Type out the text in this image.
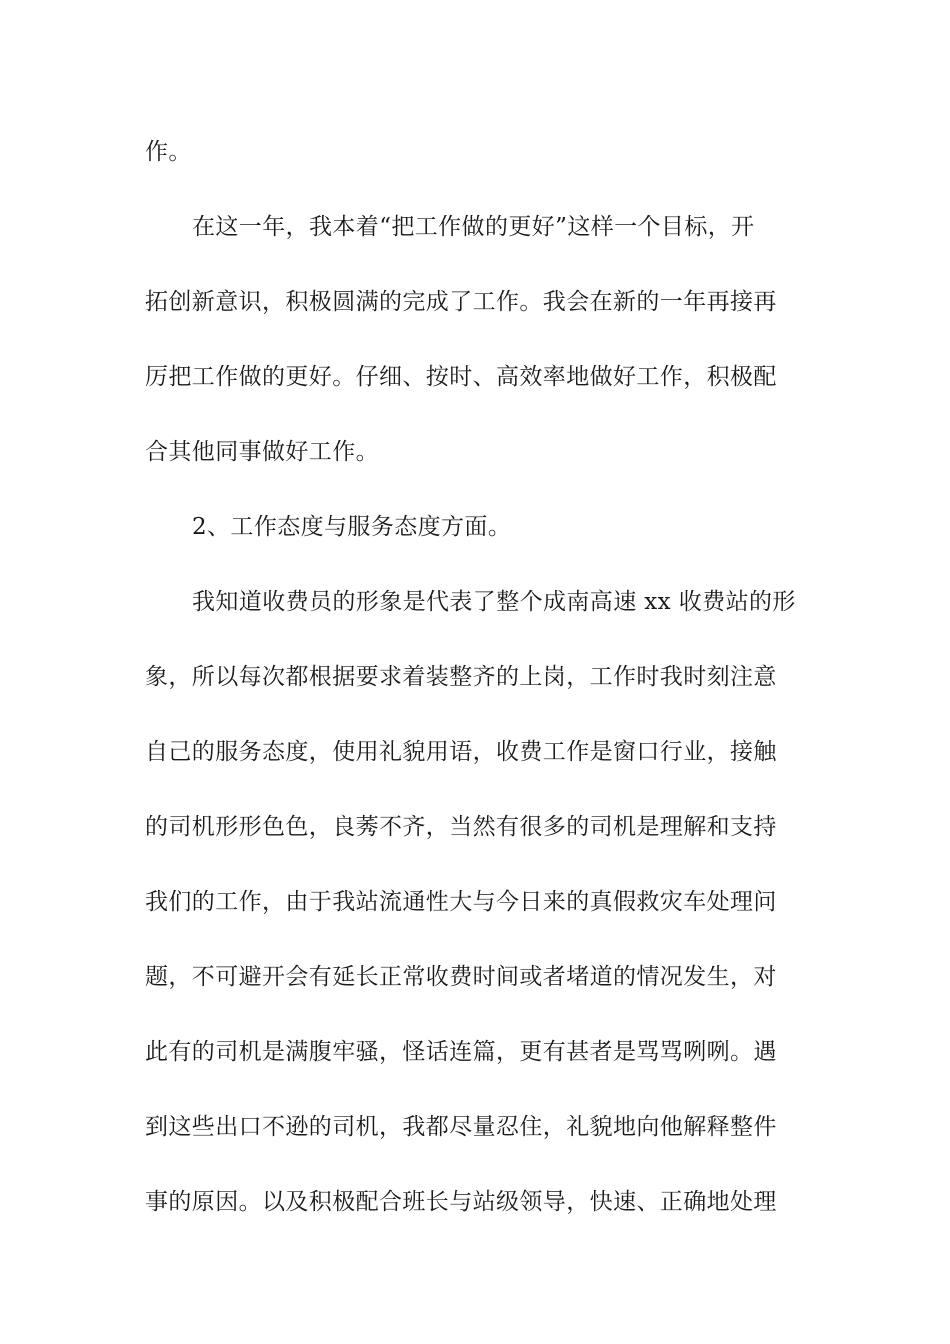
作。
在这一年，我本着“把工作做的更好”这样一个目标，开
拓创新意识，积极圆满的完成了工作。我会在新的一年再接再
厉把工作做的更好。仔细、按时、高效率地做好工作，积极配
合其他同事做好工作。
2、工作态度与服务态度方面。
我知道收费员的形象是代表了整个成南高速 xx 收费站的形
象，所以每次都根据要求着装整齐的上岗，工作时我时刻注意
自己的服务态度，使用礼貌用语，收费工作是窗口行业，接触
的司机形形色色，良莠不齐，当然有很多的司机是理解和支持
我们的工作，由于我站流通性大与今日来的真假救灾车处理问
题，不可避开会有延长正常收费时间或者堵道的情况发生，对
此有的司机是满腹牢骚，怪话连篇，更有甚者是骂骂咧咧。遇
到这些出口不逊的司机，我都尽量忍住，礼貌地向他解释整件
事的原因。以及积极配合班长与站级领导，快速、正确地处理
